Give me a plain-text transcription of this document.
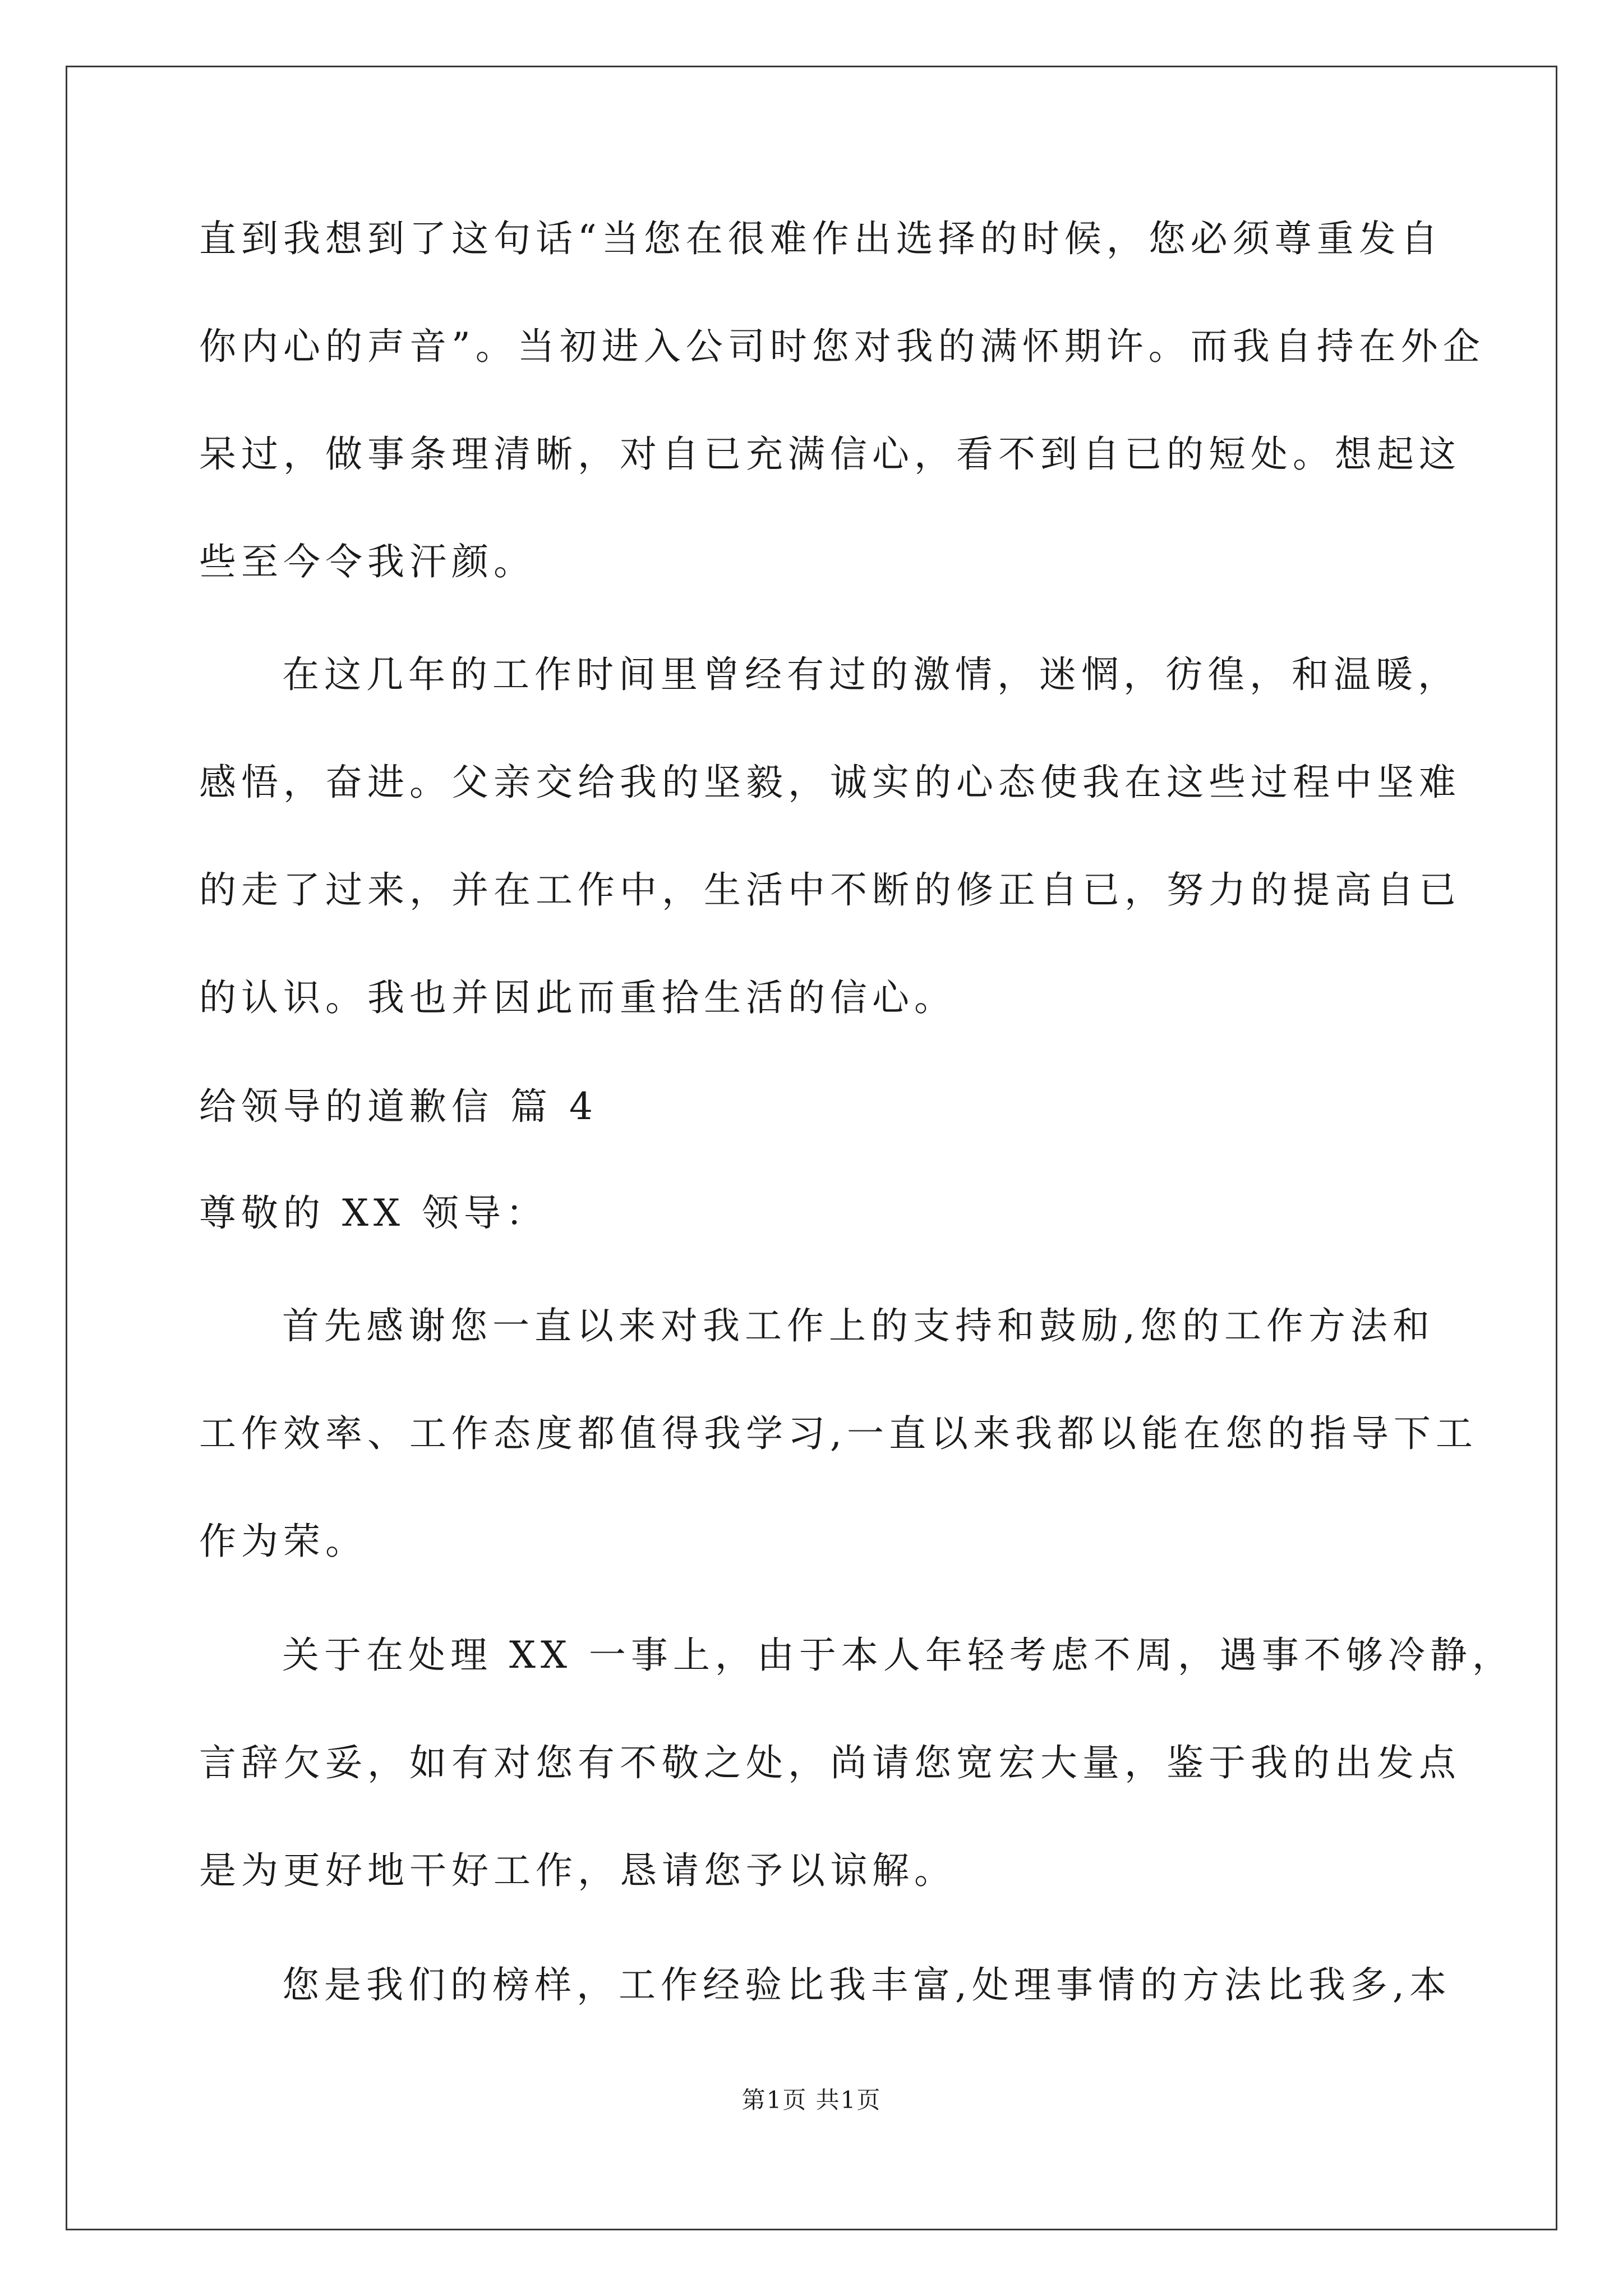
直到我想到了这句话“当您在很难作出选择的时候，您必须尊重发自
你内心的声音”。当初进入公司时您对我的满怀期许。而我自持在外企
呆过，做事条理清晰，对自已充满信心，看不到自已的短处。想起这
些至今令我汗颜。
在这几年的工作时间里曾经有过的激情，迷惘，彷徨，和温暖，
感悟，奋进。父亲交给我的坚毅，诚实的心态使我在这些过程中坚难
的走了过来，并在工作中，生活中不断的修正自已，努力的提高自已
的认识。我也并因此而重拾生活的信心。
给领导的道歉信 篇 4
尊敬的 XX 领导：
首先感谢您一直以来对我工作上的支持和鼓励,您的工作方法和
工作效率、工作态度都值得我学习,一直以来我都以能在您的指导下工
作为荣。
关于在处理 XX 一事上，由于本人年轻考虑不周，遇事不够冷静，
言辞欠妥，如有对您有不敬之处，尚请您宽宏大量，鉴于我的出发点
是为更好地干好工作，恳请您予以谅解。
您是我们的榜样，工作经验比我丰富,处理事情的方法比我多,本
第1页 共1页
